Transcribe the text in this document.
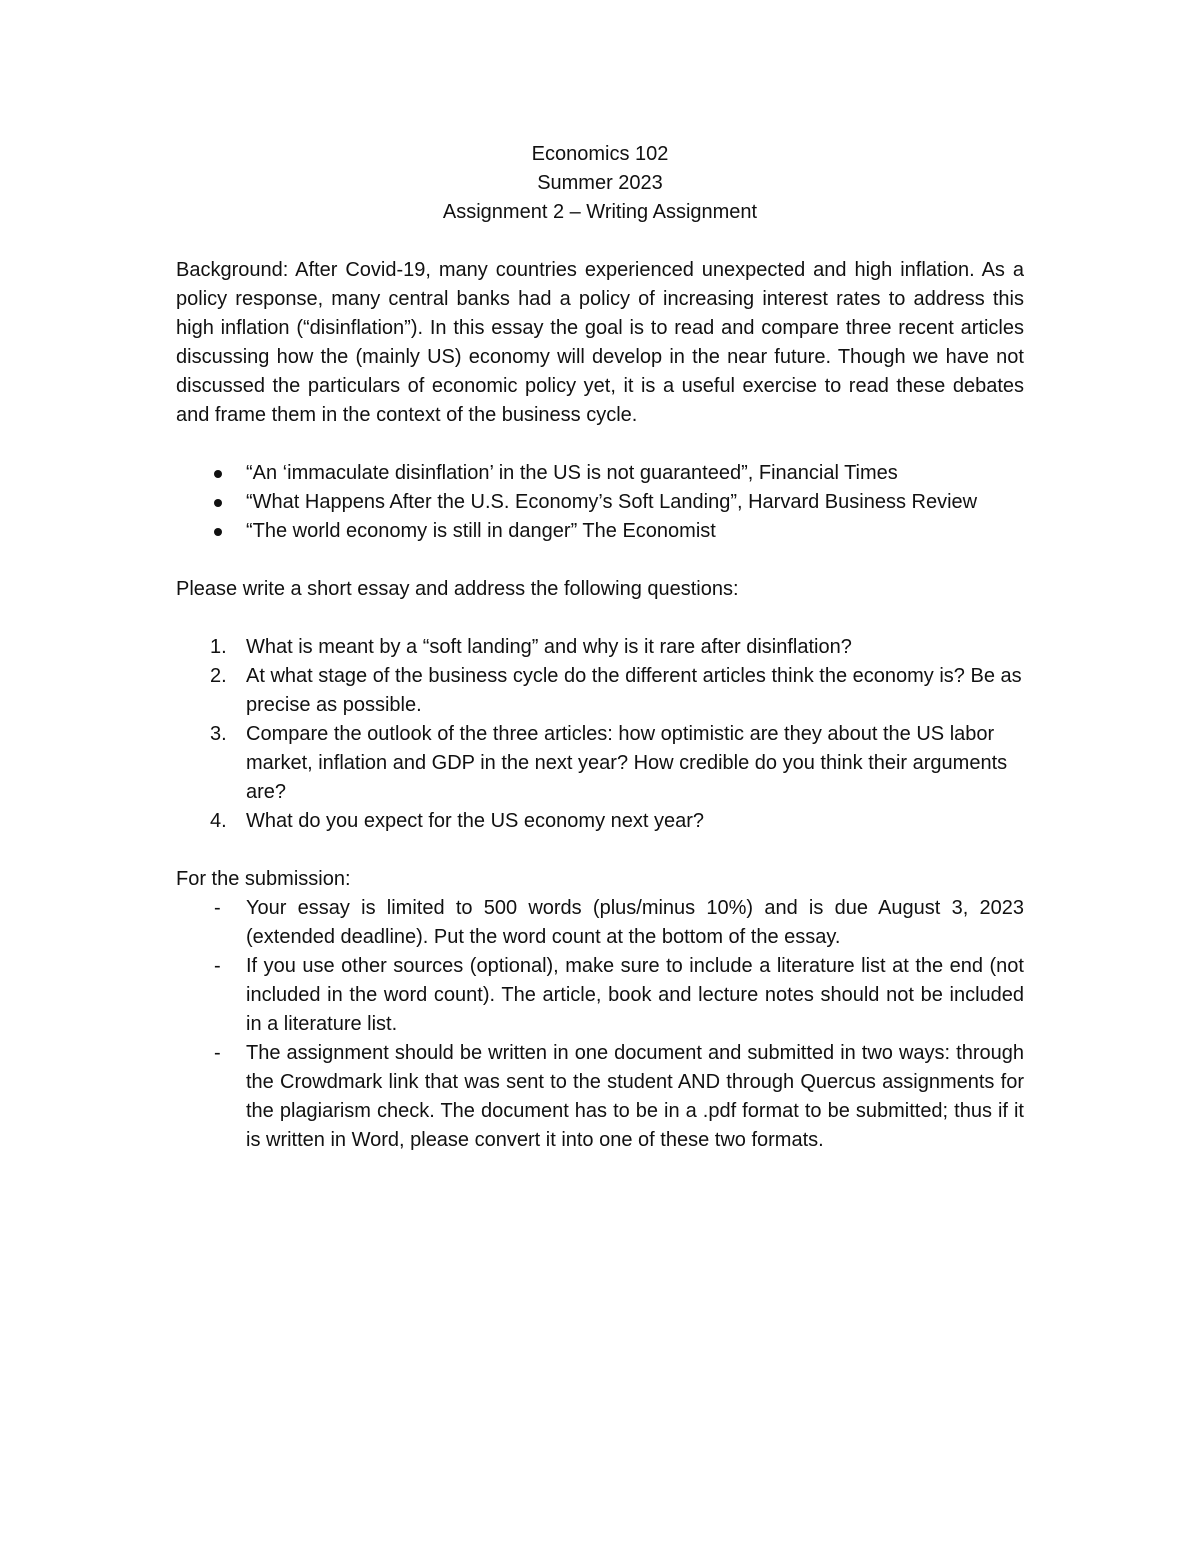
Economics 102
Summer 2023
Assignment 2 – Writing Assignment

Background: After Covid-19, many countries experienced unexpected and high inflation. As a policy response, many central banks had a policy of increasing interest rates to address this high inflation (“disinflation”). In this essay the goal is to read and compare three recent articles discussing how the (mainly US) economy will develop in the near future. Though we have not discussed the particulars of economic policy yet, it is a useful exercise to read these debates and frame them in the context of the business cycle.

“An ‘immaculate disinflation’ in the US is not guaranteed”, Financial Times
“What Happens After the U.S. Economy’s Soft Landing”, Harvard Business Review
“The world economy is still in danger” The Economist

Please write a short essay and address the following questions:

1. What is meant by a “soft landing” and why is it rare after disinflation?
2. At what stage of the business cycle do the different articles think the economy is? Be as precise as possible.
3. Compare the outlook of the three articles: how optimistic are they about the US labor market, inflation and GDP in the next year? How credible do you think their arguments are?
4. What do you expect for the US economy next year?

For the submission:

- Your essay is limited to 500 words (plus/minus 10%) and is due August 3, 2023 (extended deadline). Put the word count at the bottom of the essay.
- If you use other sources (optional), make sure to include a literature list at the end (not included in the word count). The article, book and lecture notes should not be included in a literature list.
- The assignment should be written in one document and submitted in two ways: through the Crowdmark link that was sent to the student AND through Quercus assignments for the plagiarism check. The document has to be in a .pdf format to be submitted; thus if it is written in Word, please convert it into one of these two formats.
